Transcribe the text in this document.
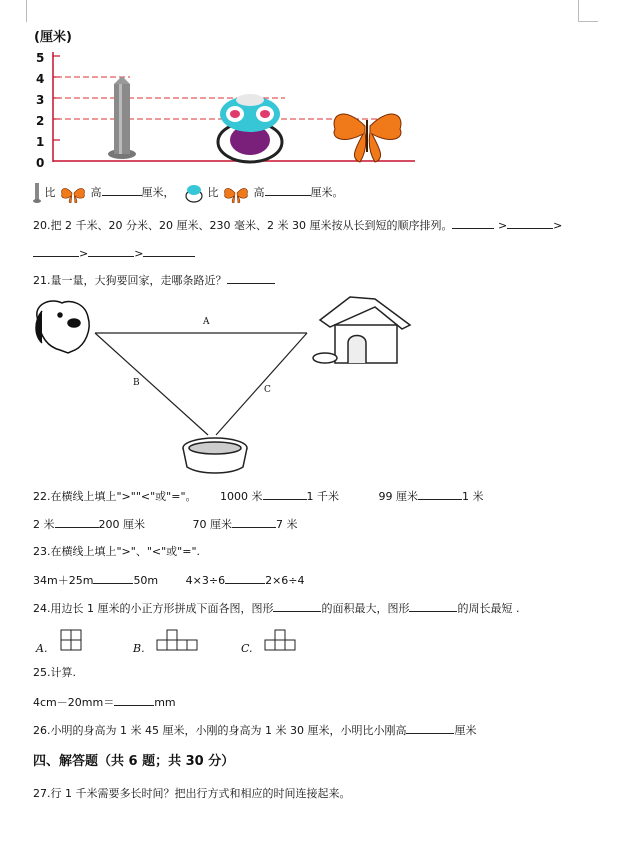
(厘米)
5
4
3
2
1
0
比	高	厘米，	比	高	厘米。
20.把 2 千米、20 分米、20 厘米、230 毫米、2 米 30 厘米按从长到短的顺序排列。	>	>
>	>
21.量一量，大狗要回家，走哪条路近？
A
B
C
22.在横线上填上">""<"或"="。 1000 米	1 千米	99 厘米	1 米
2 米	200 厘米	70 厘米	7 米
23.在横线上填上">"、"<"或"=".
34m＋25m	50m	4×3÷6	2×6÷4
24.用边长 1 厘米的小正方形拼成下面各图，图形	的面积最大，图形	的周长最短 .
A.	B.	C.
25.计算.
4cm－20mm＝	mm
26.小明的身高为 1 米 45 厘米，小刚的身高为 1 米 30 厘米，小明比小刚高	厘米
四、解答题（共 6 题；共 30 分）
27.行 1 千米需要多长时间？把出行方式和相应的时间连接起来。
